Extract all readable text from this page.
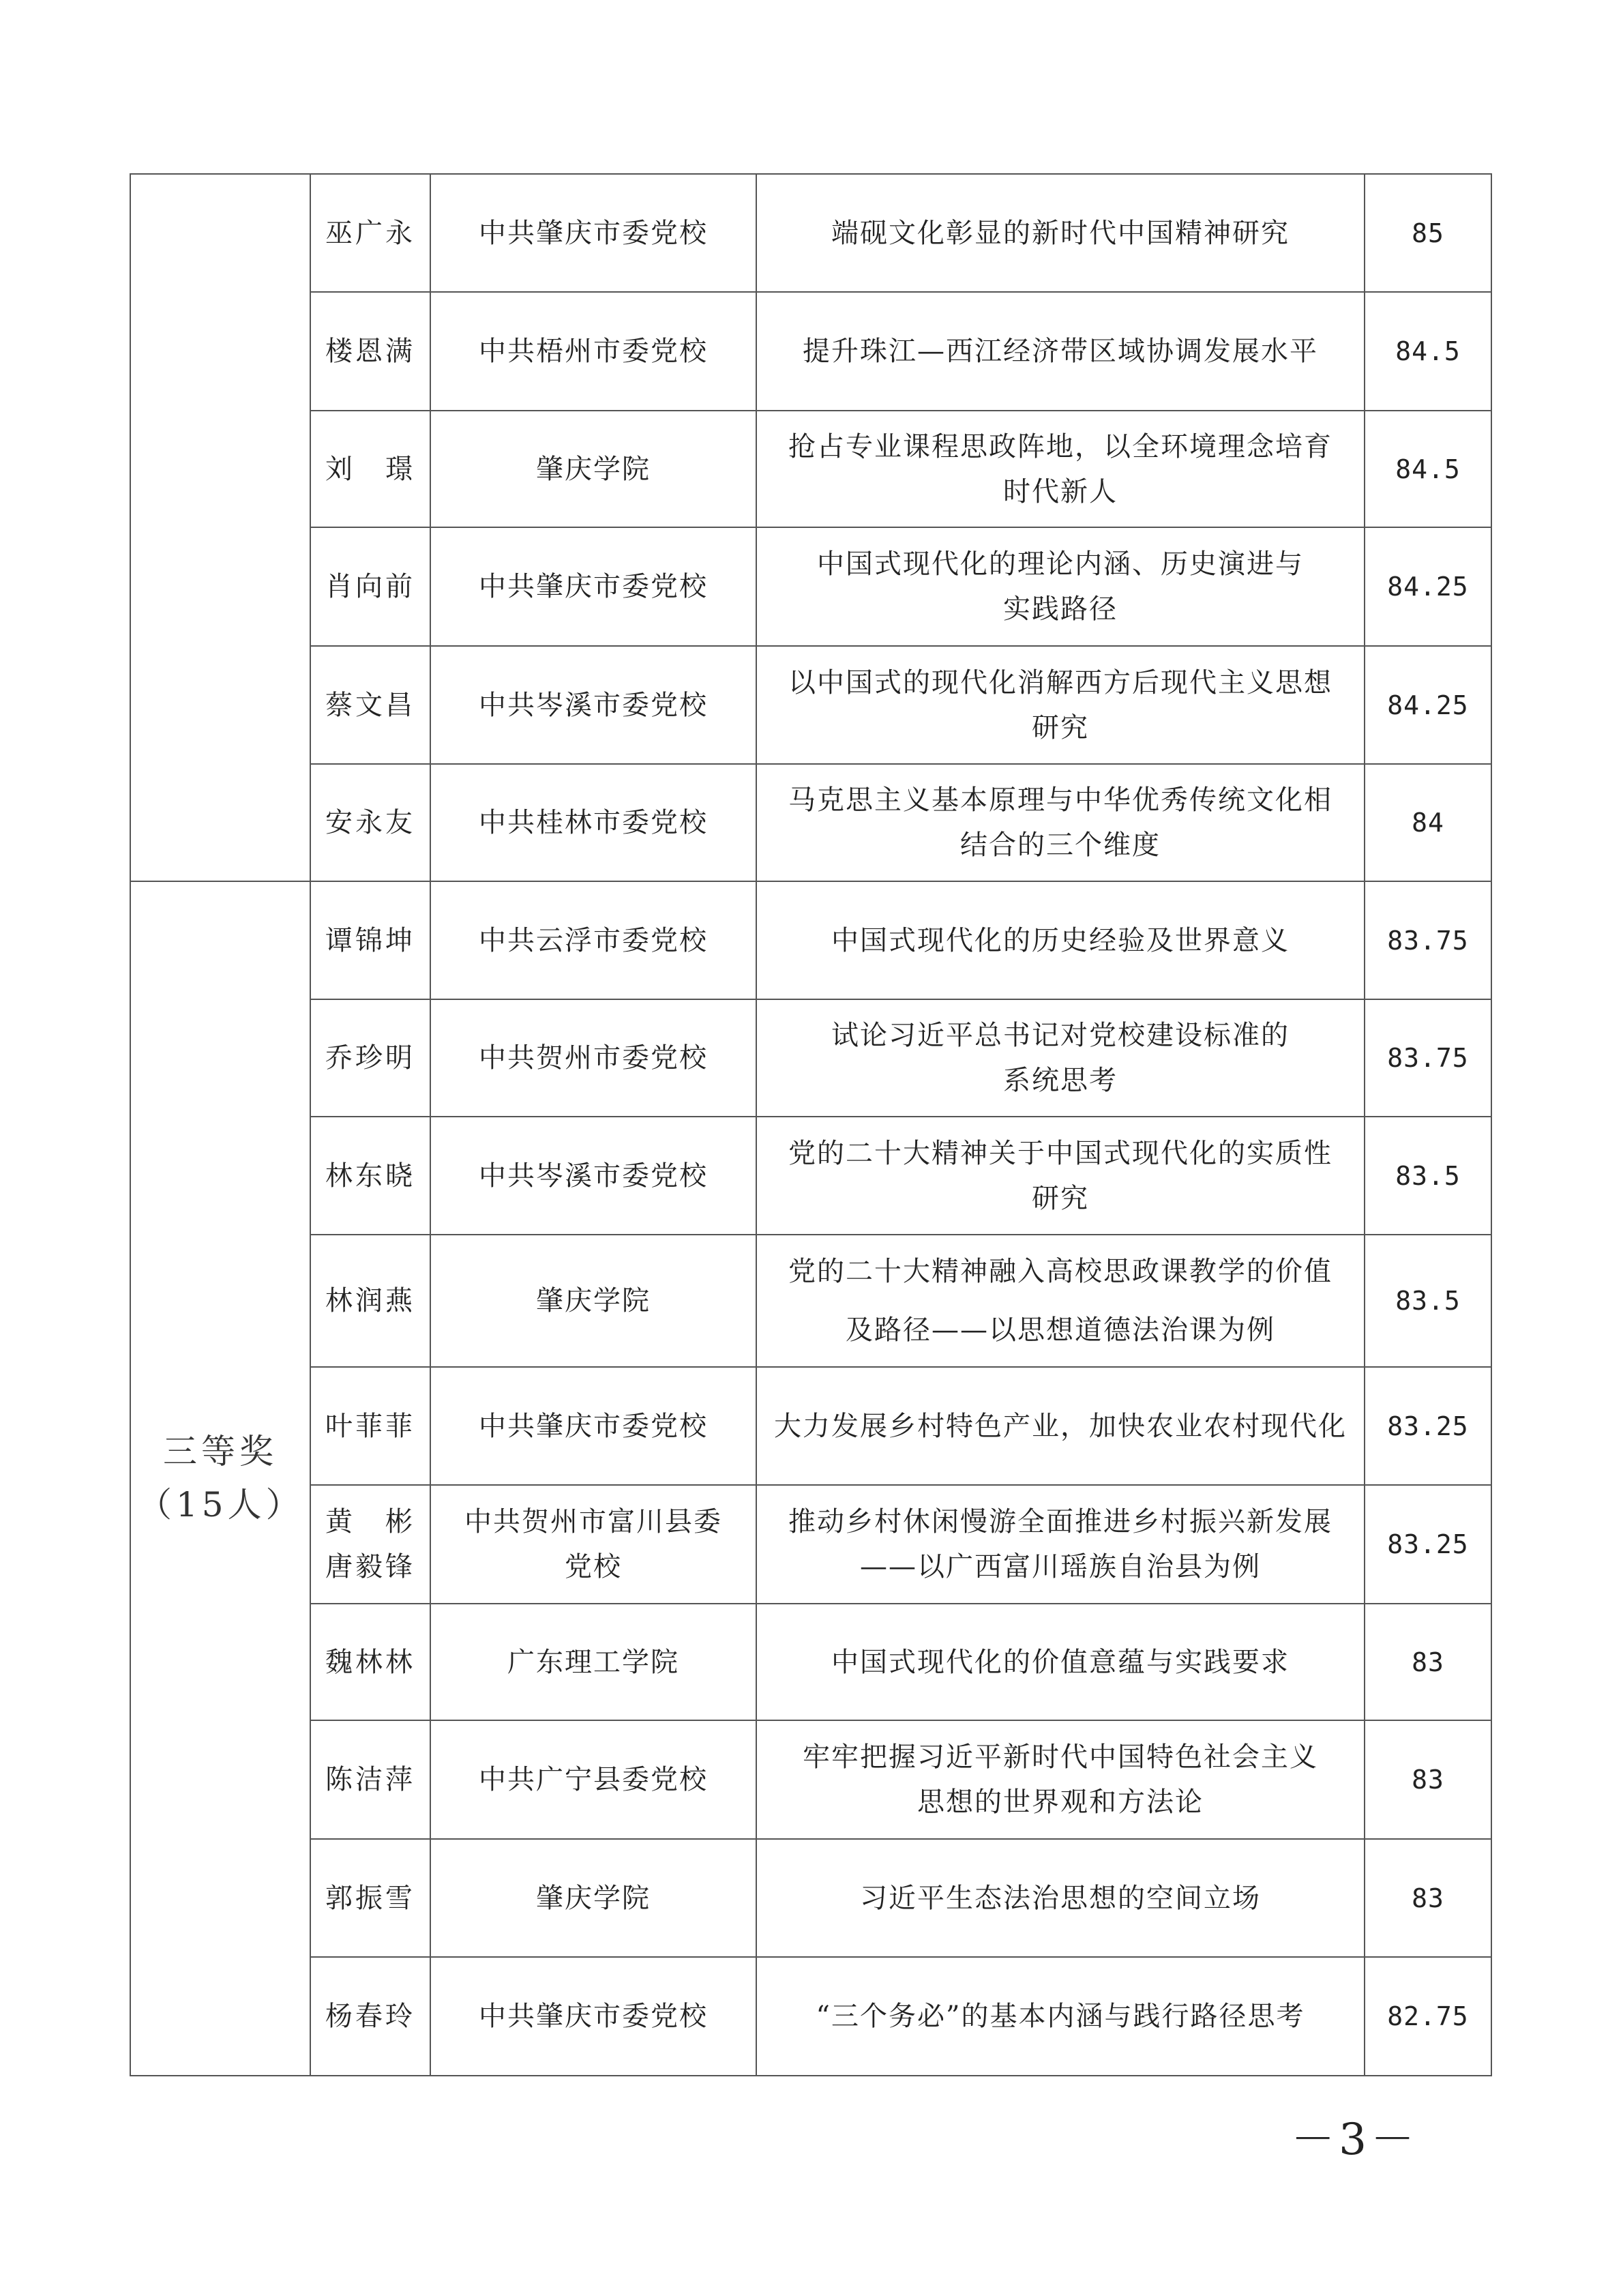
	巫广永	中共肇庆市委党校	端砚文化彰显的新时代中国精神研究	85

	楼恩满	中共梧州市委党校	提升珠江—西江经济带区域协调发展水平	84.5

	刘　璟	肇庆学院	抢占专业课程思政阵地，以全环境理念培育
时代新人	84.5

	肖向前	中共肇庆市委党校	中国式现代化的理论内涵、历史演进与
实践路径	84.25

	蔡文昌	中共岑溪市委党校	以中国式的现代化消解西方后现代主义思想
研究	84.25

	安永友	中共桂林市委党校	马克思主义基本原理与中华优秀传统文化相
结合的三个维度	84

三等奖
（15人）	谭锦坤	中共云浮市委党校	中国式现代化的历史经验及世界意义	83.75

	乔珍明	中共贺州市委党校	试论习近平总书记对党校建设标准的
系统思考	83.75

	林东晓	中共岑溪市委党校	党的二十大精神关于中国式现代化的实质性
研究	83.5

	林润燕	肇庆学院	党的二十大精神融入高校思政课教学的价值
及路径——以思想道德法治课为例	83.5

	叶菲菲	中共肇庆市委党校	大力发展乡村特色产业，加快农业农村现代化	83.25

	黄　彬
唐毅锋	中共贺州市富川县委
党校	推动乡村休闲慢游全面推进乡村振兴新发展
——以广西富川瑶族自治县为例	83.25

	魏林林	广东理工学院	中国式现代化的价值意蕴与实践要求	83

	陈洁萍	中共广宁县委党校	牢牢把握习近平新时代中国特色社会主义
思想的世界观和方法论	83

	郭振雪	肇庆学院	习近平生态法治思想的空间立场	83

	杨春玲	中共肇庆市委党校	“三个务必”的基本内涵与践行路径思考	82.75
－3－
